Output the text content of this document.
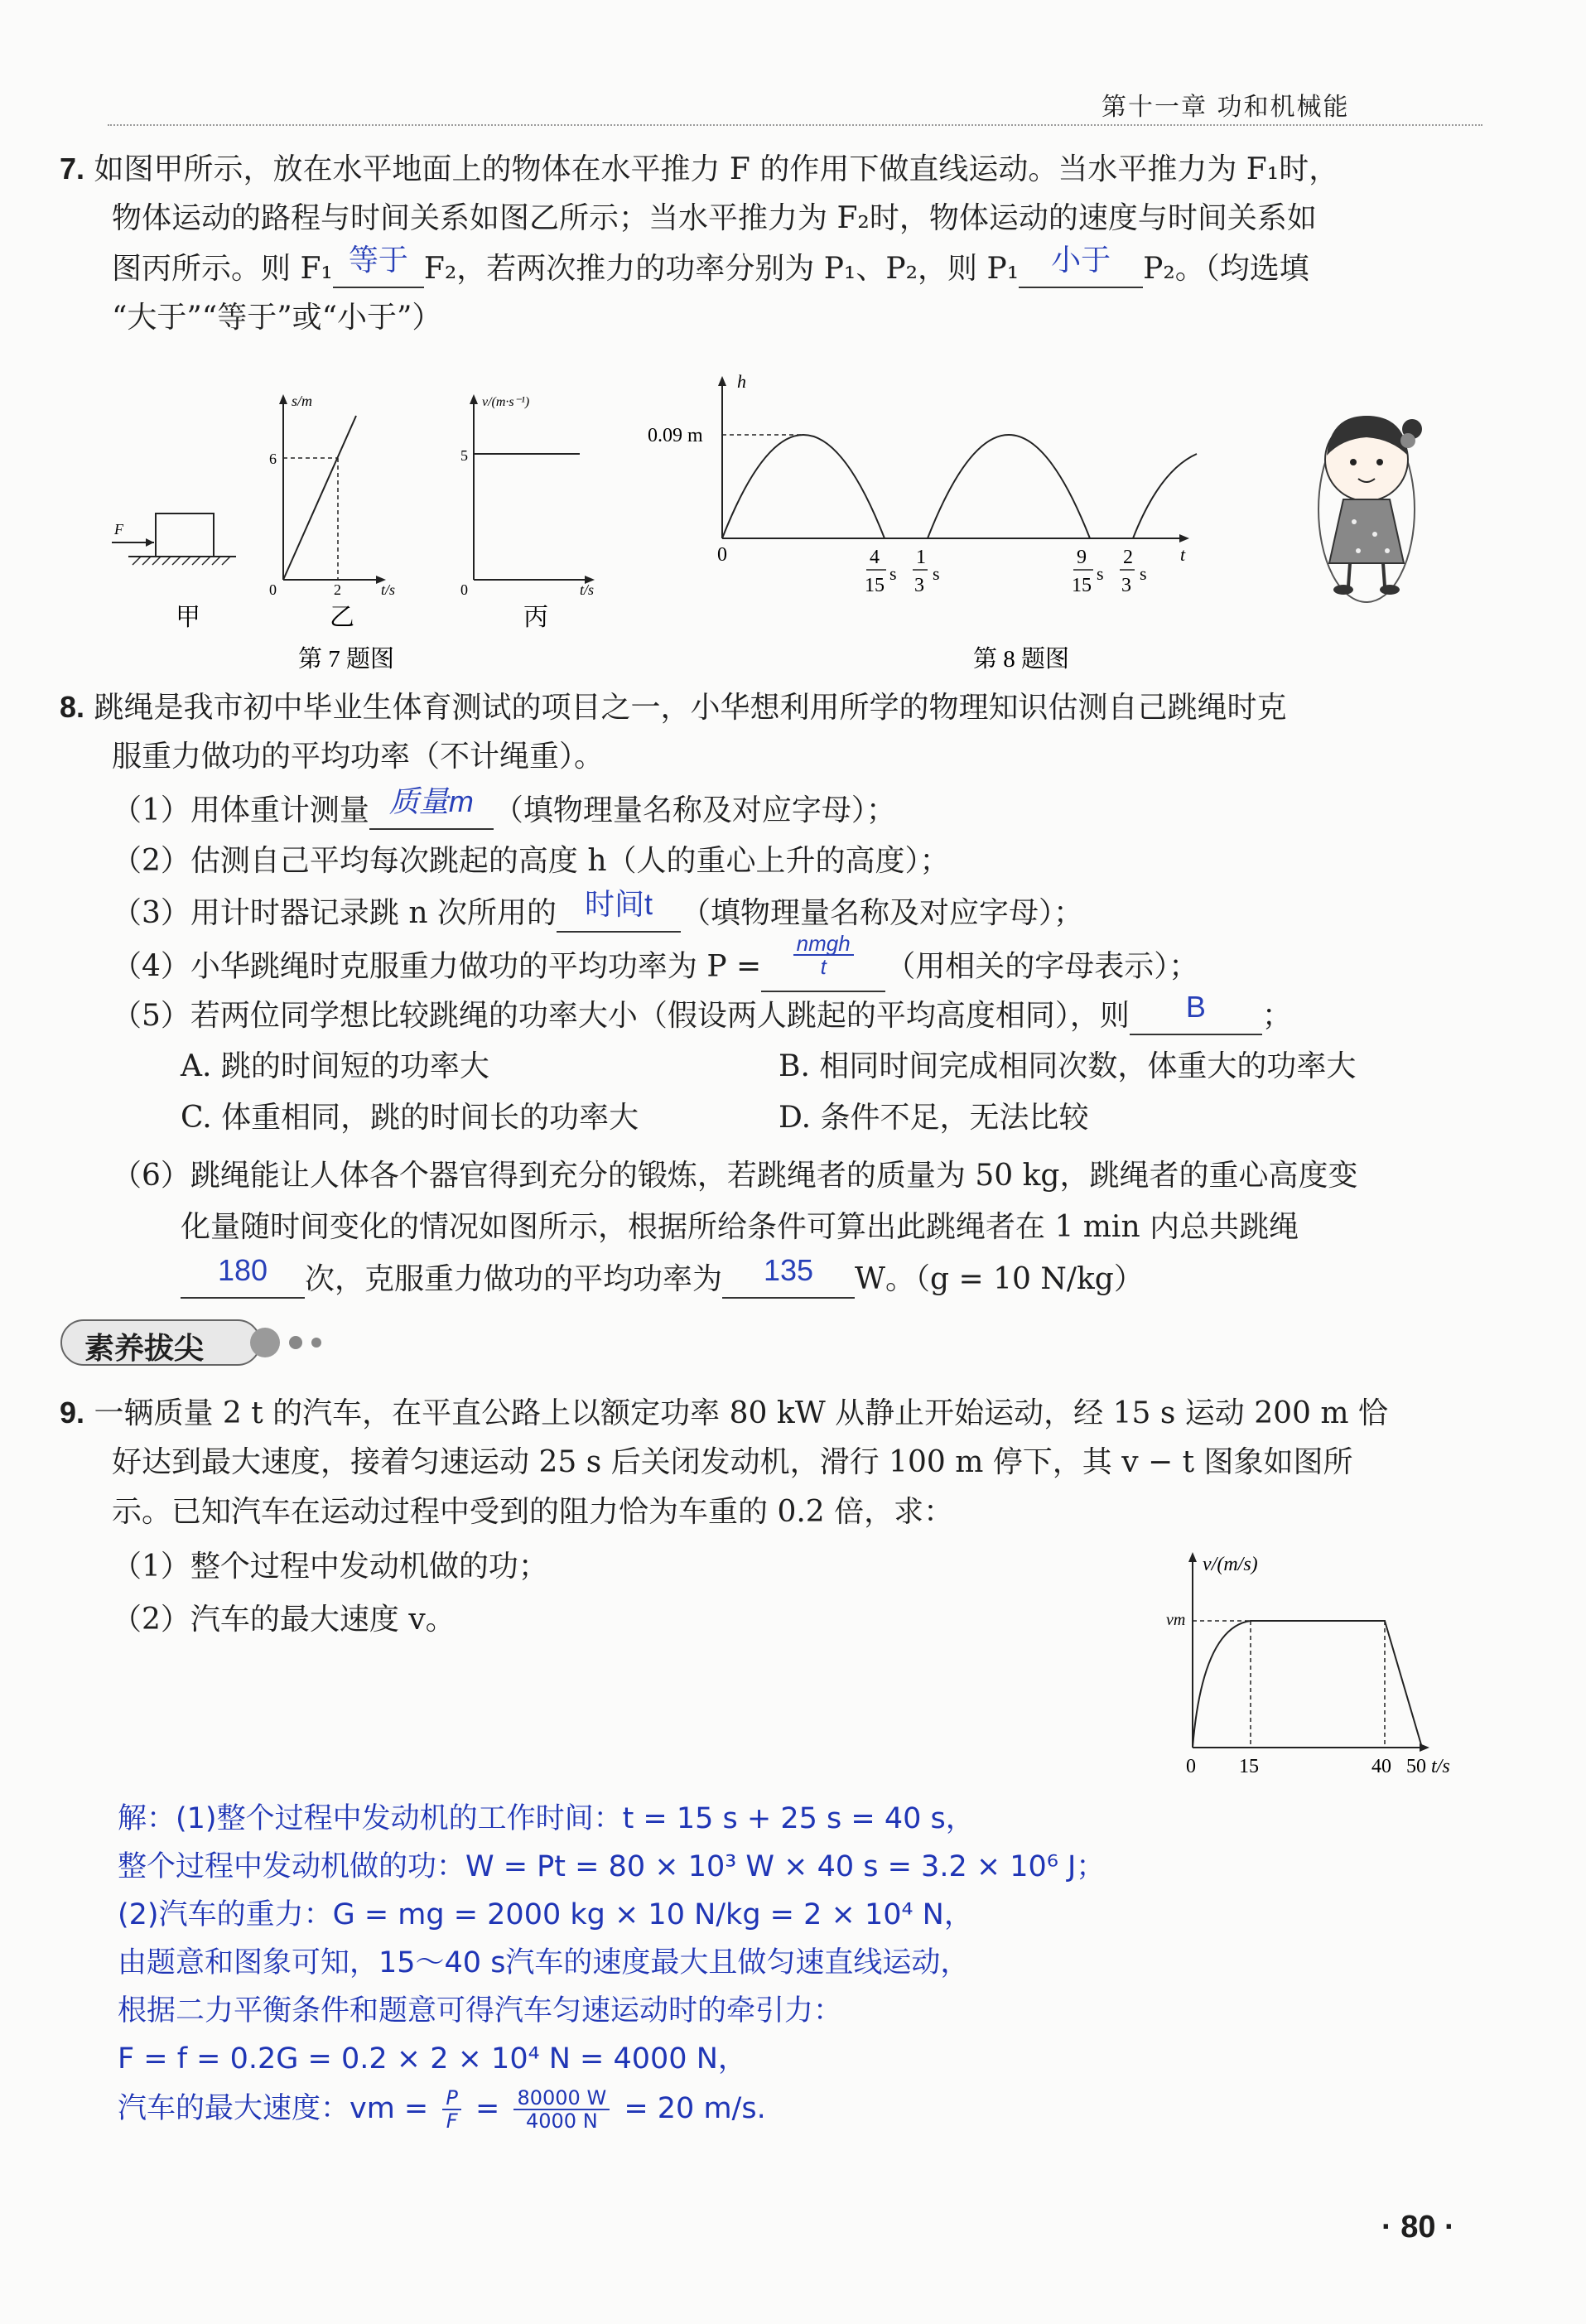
第十一章 功和机械能
7. 如图甲所示，放在水平地面上的物体在水平推力 F 的作用下做直线运动。当水平推力为 F₁时，
物体运动的路程与时间关系如图乙所示；当水平推力为 F₂时，物体运动的速度与时间关系如
图丙所示。则 F₁ 等于 F₂，若两次推力的功率分别为 P₁、P₂，则 P₁ 小于 P₂。（均选填
“大于”“等于”或“小于”）
F
甲
s/m
6
2
0	t/s
乙
v/(m·s⁻¹)
5
0	t/s
丙
第 7 题图
h
0.09 m
0	t
4
15
s
1
3
s
9
15
s
2
3
s
第 8 题图
8. 跳绳是我市初中毕业生体育测试的项目之一，小华想利用所学的物理知识估测自己跳绳时克
服重力做功的平均功率（不计绳重）。
（1）用体重计测量 质量m （填物理量名称及对应字母）；
（2）估测自己平均每次跳起的高度 h（人的重心上升的高度）；
（3）用计时器记录跳 n 次所用的 时间t （填物理量名称及对应字母）；
（4）小华跳绳时克服重力做功的平均功率为 $P = \frac{\text{nmgh}}{t}$ （用相关的字母表示）；
（5）若两位同学想比较跳绳的功率大小（假设两人跳起的平均高度相同），则 B ；
A. 跳的时间短的功率大	B. 相同时间完成相同次数，体重大的功率大
C. 体重相同，跳的时间长的功率大	D. 条件不足，无法比较
（6）跳绳能让人体各个器官得到充分的锻炼，若跳绳者的质量为 50 kg，跳绳者的重心高度变
化量随时间变化的情况如图所示，根据所给条件可算出此跳绳者在 1 min 内总共跳绳
180 次，克服重力做功的平均功率为 135 W。（g = 10 N/kg）
素养拔尖
9. 一辆质量 2 t 的汽车，在平直公路上以额定功率 80 kW 从静止开始运动，经 15 s 运动 200 m 恰
好达到最大速度，接着匀速运动 25 s 后关闭发动机，滑行 100 m 停下，其 v − t 图象如图所
示。已知汽车在运动过程中受到的阻力恰为车重的 0.2 倍，求：
（1）整个过程中发动机做的功；
（2）汽车的最大速度 v。
v/(m/s)
vm
0 15	40 50 t/s
解：(1)整个过程中发动机的工作时间：t = 15 s + 25 s = 40 s，
整个过程中发动机做的功：W = Pt = 80 × 10³ W × 40 s = 3.2 × 10⁶ J；
(2)汽车的重力：G = mg = 2000 kg × 10 N/kg = 2 × 10⁴ N，
由题意和图象可知，15～40 s汽车的速度最大且做匀速直线运动，
根据二力平衡条件和题意可得汽车匀速运动时的牵引力：
F = f = 0.2G = 0.2 × 2 × 10⁴ N = 4000 N，
汽车的最大速度：vm = $\frac{P}{F} = \frac{80000 W}{4000 N} = 20$ m/s.
· 80 ·
